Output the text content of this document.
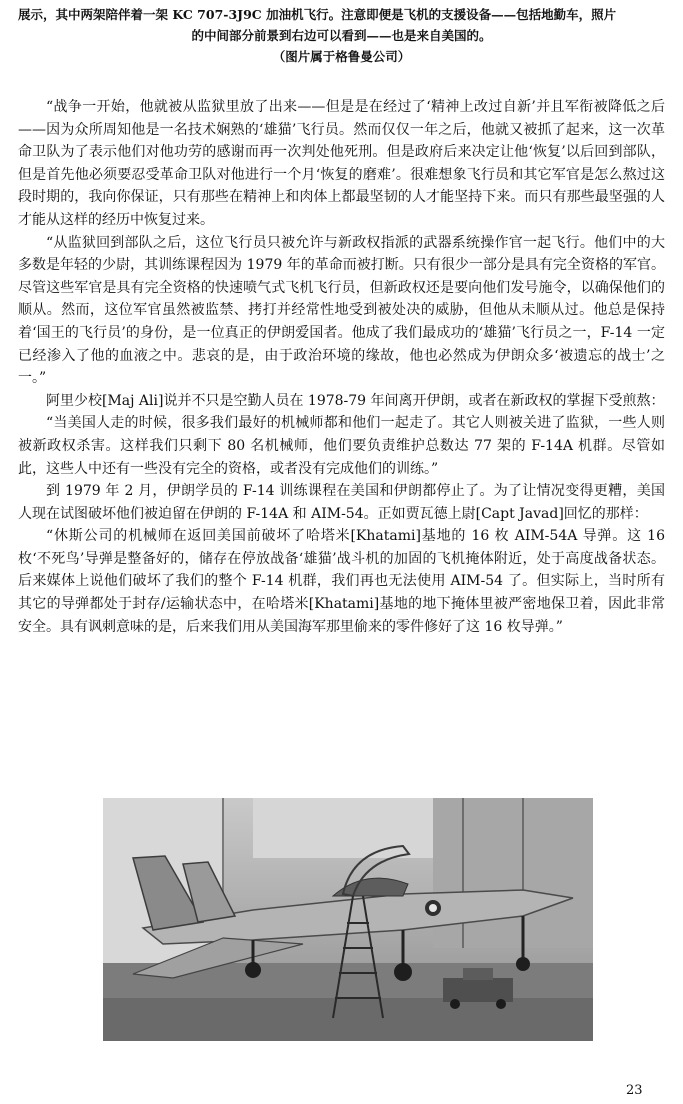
展示，其中两架陪伴着一架 KC 707-3J9C 加油机飞行。注意即便是飞机的支援设备——包括地勤车，照片
的中间部分前景到右边可以看到——也是来自美国的。
（图片属于格鲁曼公司）

“战争一开始，他就被从监狱里放了出来——但是是在经过了‘精神上改过自新’并且军衔被降低之后——因为众所周知他是一名技术娴熟的‘雄猫’飞行员。然而仅仅一年之后，他就又被抓了起来，这一次革命卫队为了表示他们对他功劳的感谢而再一次判处他死刑。但是政府后来决定让他‘恢复’以后回到部队，但是首先他必须要忍受革命卫队对他进行一个月‘恢复的磨难’。很难想象飞行员和其它军官是怎么熬过这段时期的，我向你保证，只有那些在精神上和肉体上都最坚韧的人才能坚持下来。而只有那些最坚强的人才能从这样的经历中恢复过来。

“从监狱回到部队之后，这位飞行员只被允许与新政权指派的武器系统操作官一起飞行。他们中的大多数是年轻的少尉，其训练课程因为 1979 年的革命而被打断。只有很少一部分是具有完全资格的军官。尽管这些军官是具有完全资格的快速喷气式飞机飞行员，但新政权还是要向他们发号施令，以确保他们的顺从。然而，这位军官虽然被监禁、拷打并经常性地受到被处决的威胁，但他从未顺从过。他总是保持着‘国王的飞行员’的身份，是一位真正的伊朗爱国者。他成了我们最成功的‘雄猫’飞行员之一，F-14 一定已经渗入了他的血液之中。悲哀的是，由于政治环境的缘故，他也必然成为伊朗众多‘被遗忘的战士’之一。”

阿里少校[Maj Ali]说并不只是空勤人员在 1978-79 年间离开伊朗，或者在新政权的掌握下受煎熬：

“当美国人走的时候，很多我们最好的机械师都和他们一起走了。其它人则被关进了监狱，一些人则被新政权杀害。这样我们只剩下 80 名机械师，他们要负责维护总数达 77 架的 F-14A 机群。尽管如此，这些人中还有一些没有完全的资格，或者没有完成他们的训练。”

到 1979 年 2 月，伊朗学员的 F-14 训练课程在美国和伊朗都停止了。为了让情况变得更糟，美国人现在试图破坏他们被迫留在伊朗的 F-14A 和 AIM-54。正如贾瓦德上尉[Capt Javad]回忆的那样：

“休斯公司的机械师在返回美国前破坏了哈塔米[Khatami]基地的 16 枚 AIM-54A 导弹。这 16 枚‘不死鸟’导弹是整备好的，储存在停放战备‘雄猫’战斗机的加固的飞机掩体附近，处于高度战备状态。后来媒体上说他们破坏了我们的整个 F-14 机群，我们再也无法使用 AIM-54 了。但实际上，当时所有其它的导弹都处于封存/运输状态中，在哈塔米[Khatami]基地的地下掩体里被严密地保卫着，因此非常安全。具有讽刺意味的是，后来我们用从美国海军那里偷来的零件修好了这 16 枚导弹。”

23
